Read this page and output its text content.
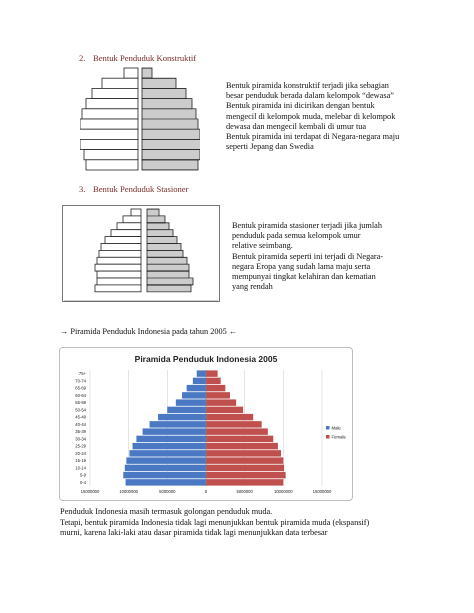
2. Bentuk Penduduk Konstruktif
Bentuk piramida konstruktif terjadi jika sebagian
besar penduduk berada dalam kelompok “dewasa”
Bentuk piramida ini dicirikan dengan bentuk
mengecil di kelompok muda, melebar di kelompok
dewasa dan mengecil kembali di umur tua
Bentuk piramida ini terdapat di Negara-negara maju
seperti Jepang dan Swedia
3. Bentuk Penduduk Stasioner
Bentuk piramida stasioner terjadi jika jumlah
penduduk pada semua kelompok umur
relative seimbang.
Bentuk piramida seperti ini terjadi di Negara-
negara Eropa yang sudah lama maju serta
mempunyai tingkat kelahiran dan kematian
yang rendah
→ Piramida Penduduk Indonesia pada tahun 2005 ←
Piramida Penduduk Indonesia 2005
15000000	10000000	5000000	0	5000000	10000000	15000000
0-4
5-9
10-14
15-19
20-24
25-29
30-34
35-39
40-44
45-49
50-54
55-59
60-64
65-69
70-74
75+
Male
Female
Penduduk Indonesia masih termasuk golongan penduduk muda.
Tetapi, bentuk piramida Indonesia tidak lagi menunjukkan bentuk piramida muda (ekspansif)
murni, karena laki-laki atau dasar piramida tidak lagi menunjukkan data terbesar
